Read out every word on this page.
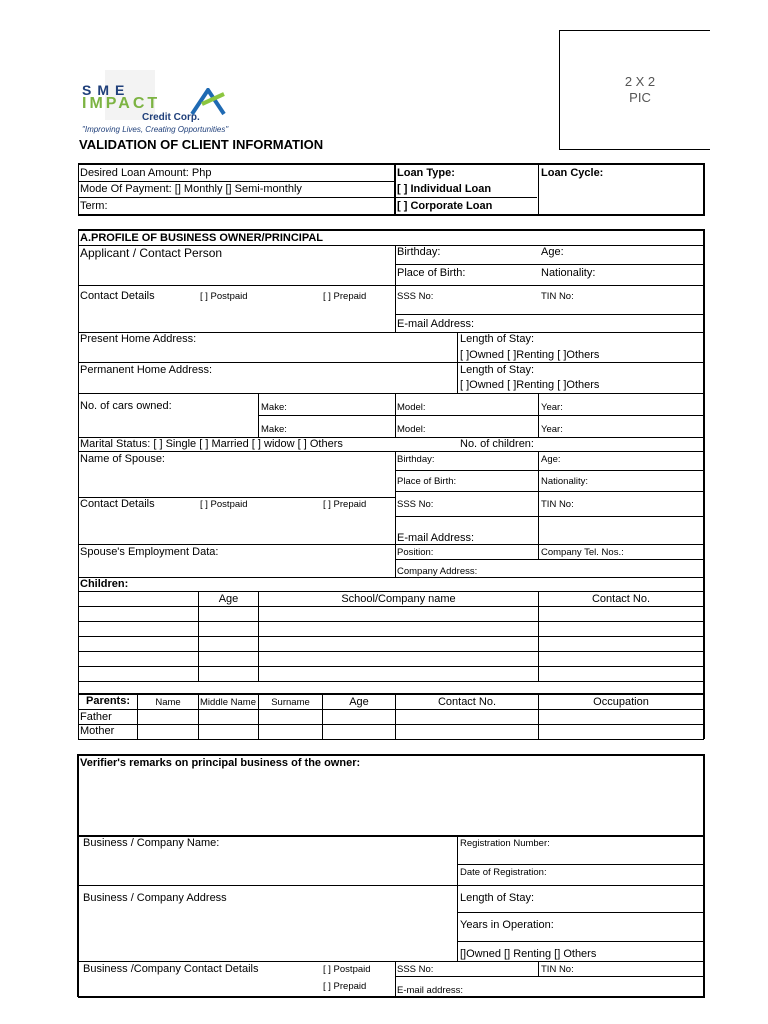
2 X 2
PIC
SME
IMPACT
Credit Corp.
"Improving Lives, Creating Opportunities"
VALIDATION OF CLIENT INFORMATION
Desired Loan Amount: Php
Mode Of Payment: [] Monthly [] Semi-monthly
Term:
Loan Type:
[ ] Individual Loan
[ ] Corporate Loan
Loan Cycle:
A.PROFILE OF BUSINESS OWNER/PRINCIPAL
Applicant / Contact Person	Birthday:	Age:
Place of Birth:	Nationality:
Contact Details	[ ] Postpaid	[ ] Prepaid	SSS No:	TIN No:
E-mail Address:
Present Home Address:	Length of Stay:
[ ]Owned [ ]Renting [ ]Others
Permanent Home Address:	Length of Stay:
[ ]Owned [ ]Renting [ ]Others
No. of cars owned:	Make:	Model:	Year:
Make:	Model:	Year:
Marital Status: [ ] Single [ ] Married [ ] widow [ ] Others	No. of children:
Name of Spouse:	Birthday:	Age:
Place of Birth:	Nationality:
Contact Details	[ ] Postpaid	[ ] Prepaid	SSS No:	TIN No:
E-mail Address:
Spouse's Employment Data:	Position:	Company Tel. Nos.:
Company Address:
Children:
Age	School/Company name	Contact No.
Parents:	Name	Middle Name	Surname	Age	Contact No.	Occupation
Father
Mother
Verifier's remarks on principal business of the owner:
Business / Company Name:	Registration Number:
Date of Registration:
Business / Company Address	Length of Stay:
Years in Operation:
[]Owned [] Renting [] Others
Business /Company Contact Details	[ ] Postpaid
[ ] Prepaid
SSS No:	TIN No:
E-mail address:
